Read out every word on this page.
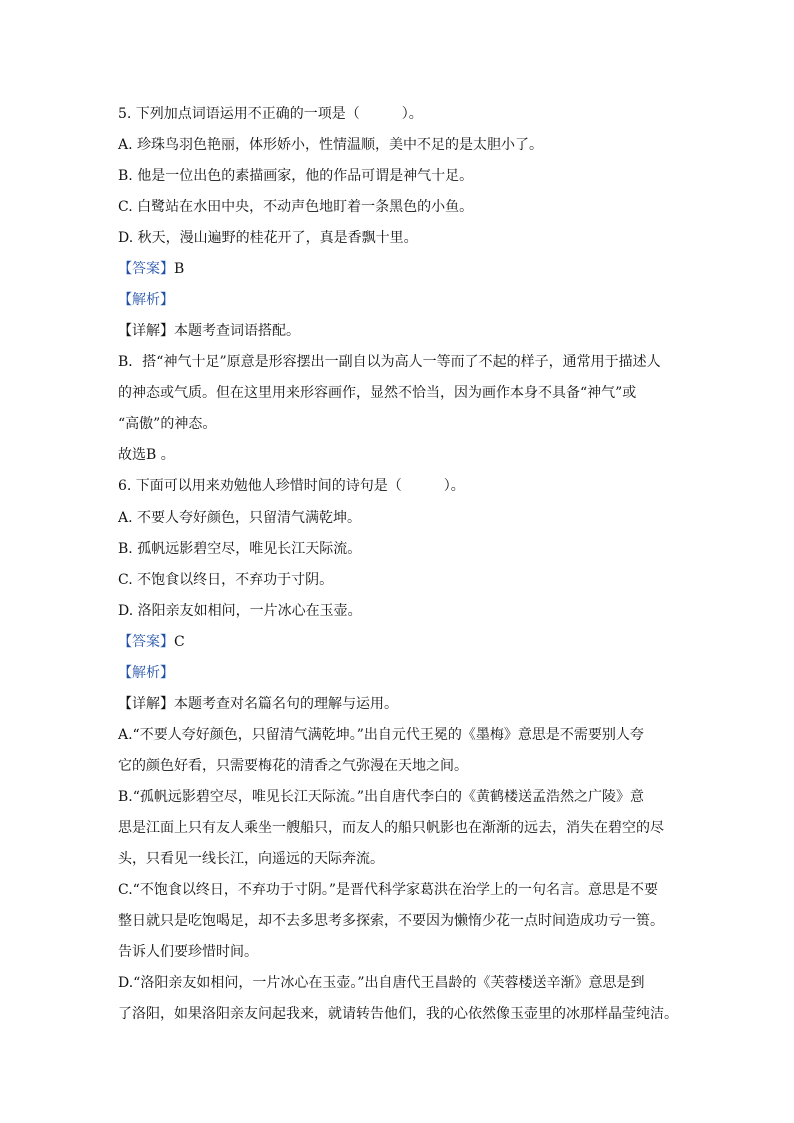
5. 下列加点词语运用不正确的一项是（　　　）。

A. 珍珠鸟羽色艳丽，体形娇小，性情温顺，美中不足的是太胆小了。

B. 他是一位出色的素描画家，他的作品可谓是神气十足。

C. 白鹭站在水田中央，不动声色地盯着一条黑色的小鱼。

D. 秋天，漫山遍野的桂花开了，真是香飘十里。

【答案】B

【解析】

【详解】本题考查词语搭配。

B．搭“神气十足”原意是形容摆出一副自以为高人一等而了不起的样子，通常用于描述人

的神态或气质。但在这里用来形容画作，显然不恰当，因为画作本身不具备“神气”或

“高傲”的神态。

故选B 。

6. 下面可以用来劝勉他人珍惜时间的诗句是（　　　）。

A. 不要人夸好颜色，只留清气满乾坤。

B. 孤帆远影碧空尽，唯见长江天际流。

C. 不饱食以终日，不弃功于寸阴。

D. 洛阳亲友如相问，一片冰心在玉壶。

【答案】C

【解析】

【详解】本题考查对名篇名句的理解与运用。

A.“不要人夸好颜色，只留清气满乾坤。”出自元代王冕的《墨梅》意思是不需要别人夸

它的颜色好看，只需要梅花的清香之气弥漫在天地之间。

B.“孤帆远影碧空尽，唯见长江天际流。”出自唐代李白的《黄鹤楼送孟浩然之广陵》意

思是江面上只有友人乘坐一艘船只，而友人的船只帆影也在渐渐的远去，消失在碧空的尽

头，只看见一线长江，向遥远的天际奔流。

C.“不饱食以终日，不弃功于寸阴。”是晋代科学家葛洪在治学上的一句名言。意思是不要

整日就只是吃饱喝足，却不去多思考多探索，不要因为懒惰少花一点时间造成功亏一篑。

告诉人们要珍惜时间。

D.“洛阳亲友如相问，一片冰心在玉壶。”出自唐代王昌龄的《芙蓉楼送辛渐》意思是到

了洛阳，如果洛阳亲友问起我来，就请转告他们，我的心依然像玉壶里的冰那样晶莹纯洁。
